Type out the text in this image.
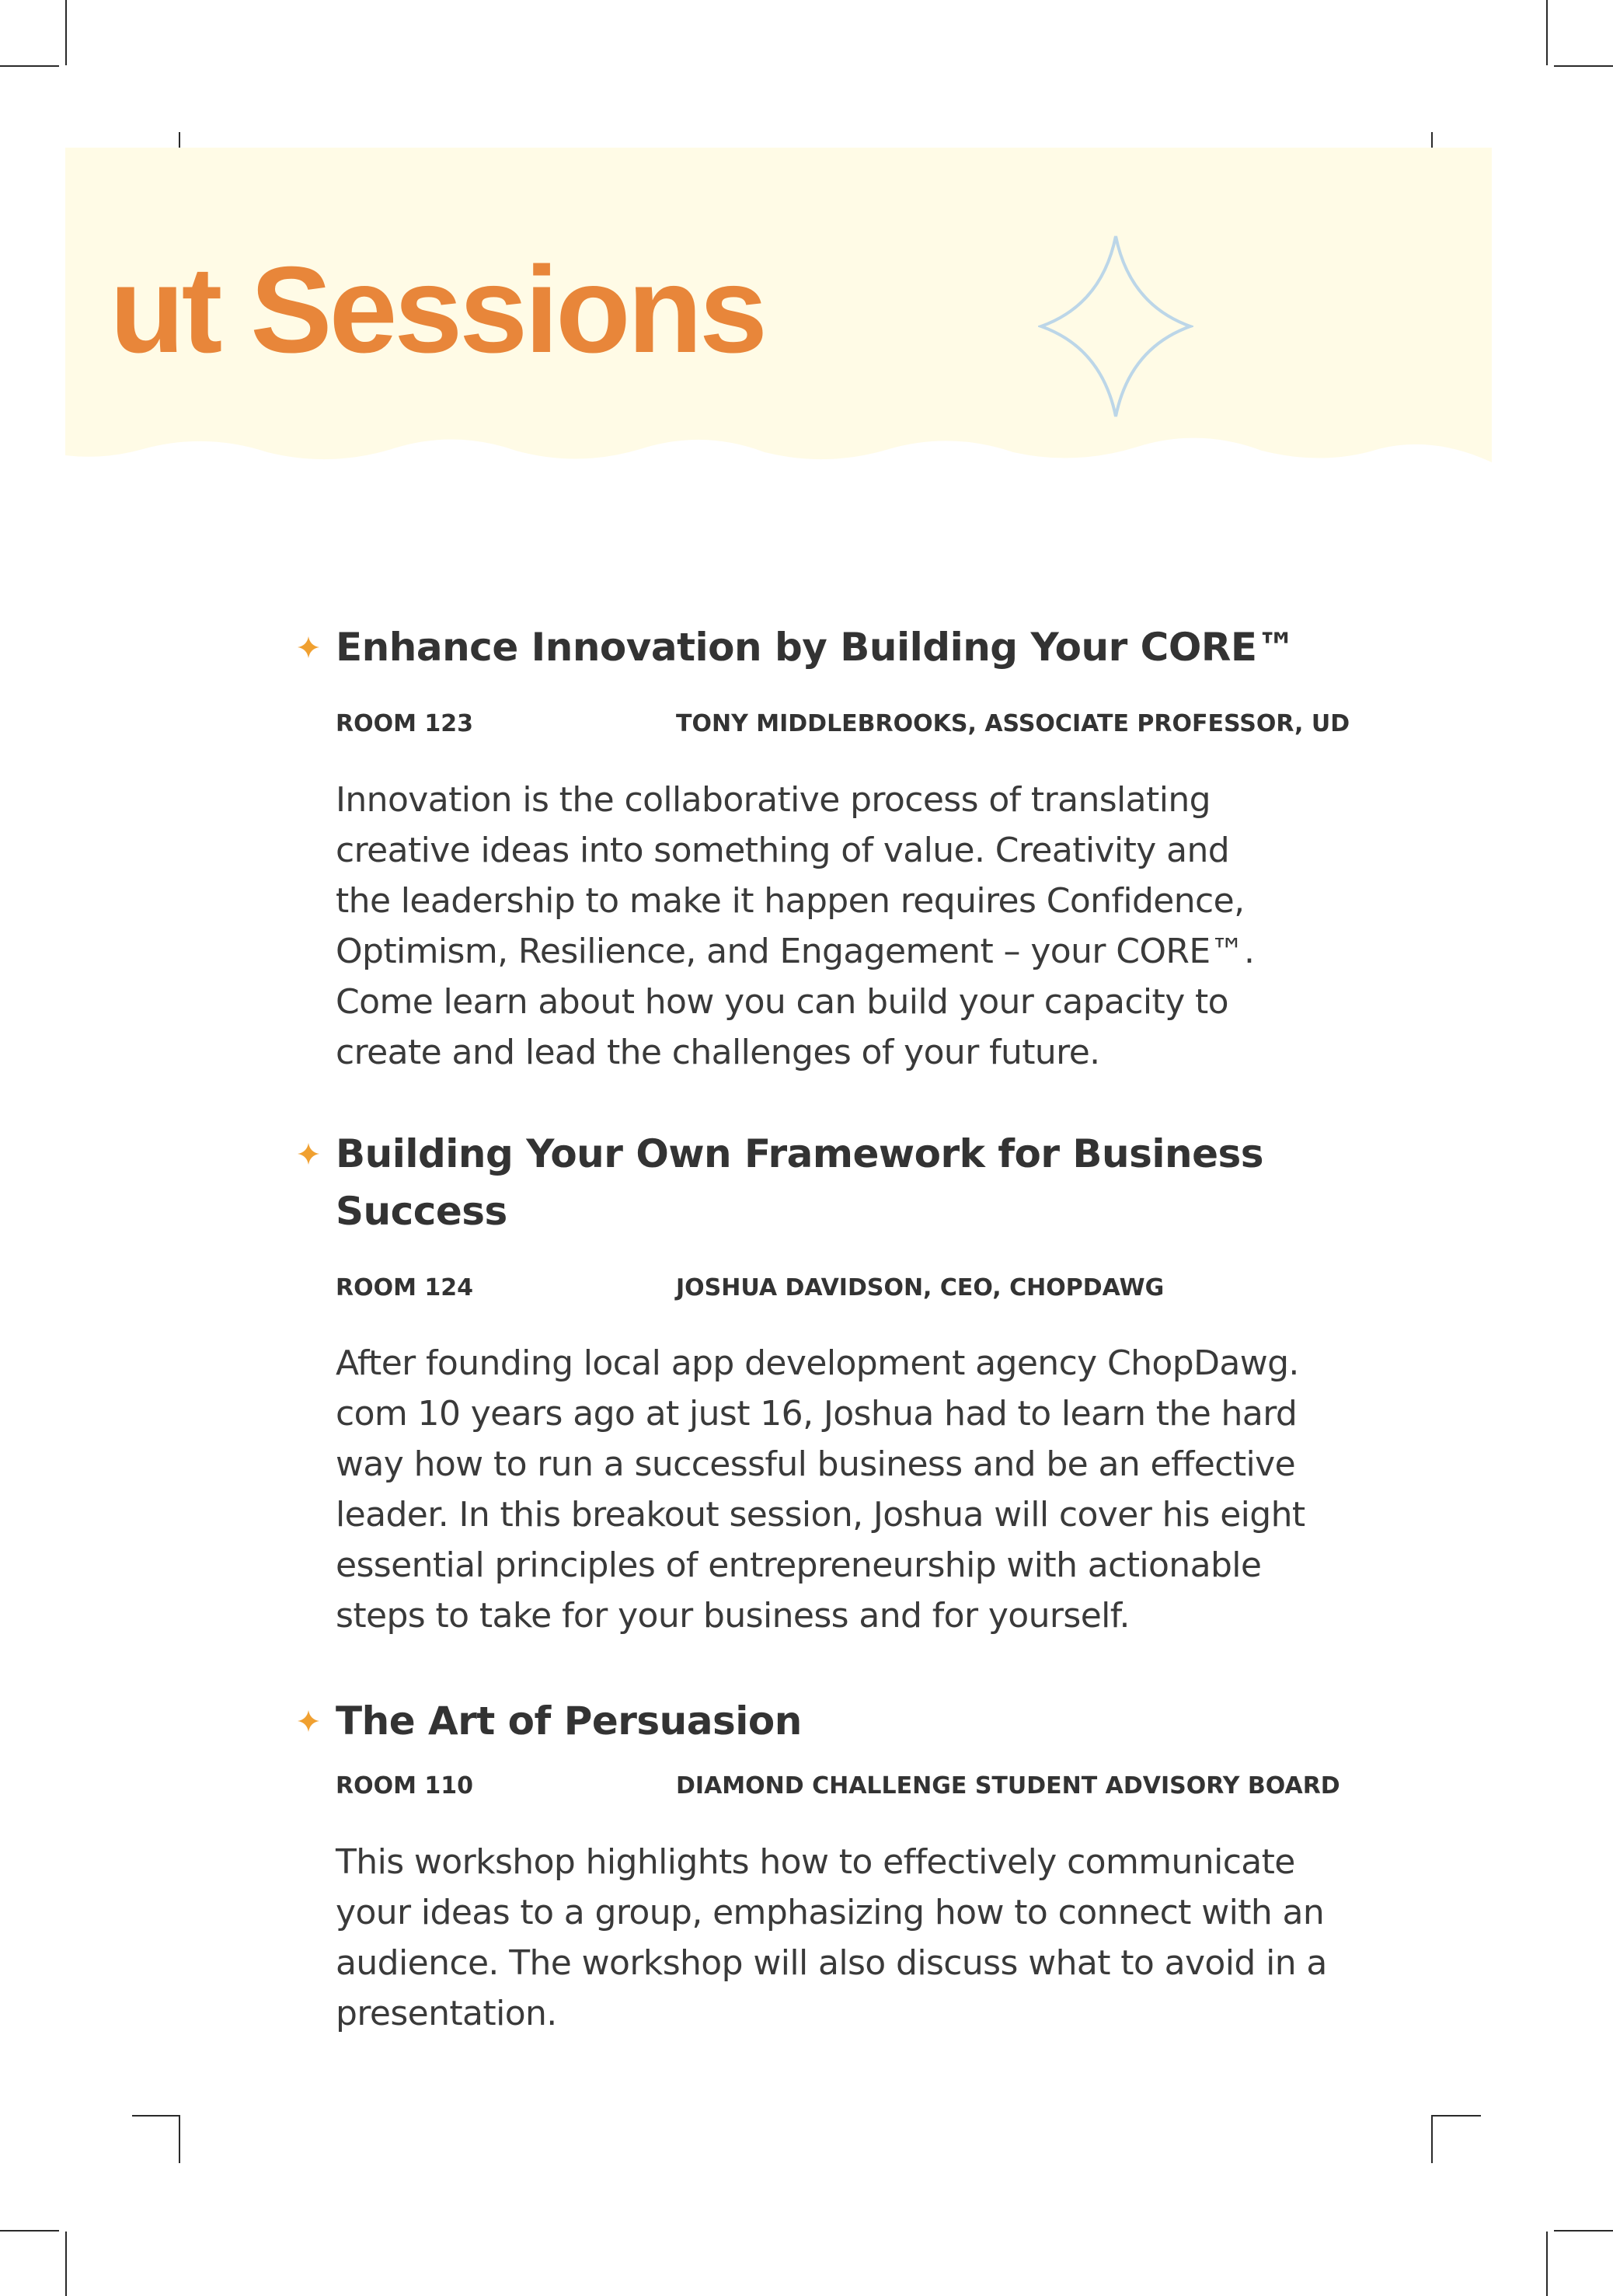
ut Sessions
Enhance Innovation by Building Your CORE™
ROOM 123	TONY MIDDLEBROOKS, ASSOCIATE PROFESSOR, UD

Innovation is the collaborative process of translating
creative ideas into something of value. Creativity and
the leadership to make it happen requires Confidence,
Optimism, Resilience, and Engagement – your CORE™.
Come learn about how you can build your capacity to
create and lead the challenges of your future.

Building Your Own Framework for Business
Success
ROOM 124	JOSHUA DAVIDSON, CEO, CHOPDAWG

After founding local app development agency ChopDawg.
com 10 years ago at just 16, Joshua had to learn the hard
way how to run a successful business and be an effective
leader. In this breakout session, Joshua will cover his eight
essential principles of entrepreneurship with actionable
steps to take for your business and for yourself.

The Art of Persuasion
ROOM 110	DIAMOND CHALLENGE STUDENT ADVISORY BOARD

This workshop highlights how to effectively communicate
your ideas to a group, emphasizing how to connect with an
audience. The workshop will also discuss what to avoid in a
presentation.
